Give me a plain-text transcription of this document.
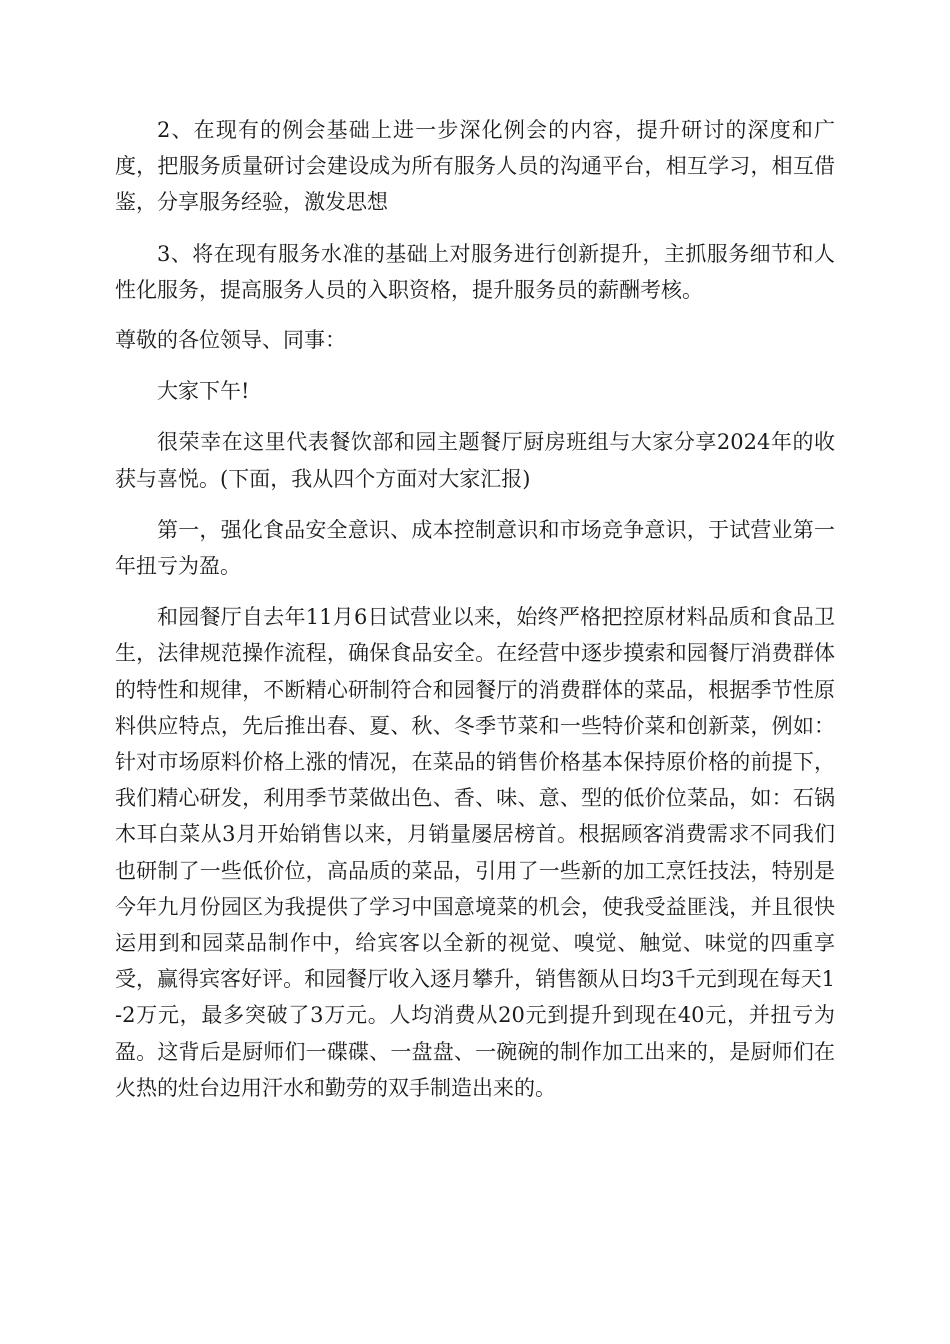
2、在现有的例会基础上进一步深化例会的内容，提升研讨的深度和广度，把服务质量研讨会建设成为所有服务人员的沟通平台，相互学习，相互借鉴，分享服务经验，激发思想

3、将在现有服务水准的基础上对服务进行创新提升，主抓服务细节和人性化服务，提高服务人员的入职资格，提升服务员的薪酬考核。

尊敬的各位领导、同事：

大家下午!

很荣幸在这里代表餐饮部和园主题餐厅厨房班组与大家分享2024年的收获与喜悦。(下面，我从四个方面对大家汇报)

第一，强化食品安全意识、成本控制意识和市场竞争意识，于试营业第一年扭亏为盈。

和园餐厅自去年11月6日试营业以来，始终严格把控原材料品质和食品卫生，法律规范操作流程，确保食品安全。在经营中逐步摸索和园餐厅消费群体的特性和规律，不断精心研制符合和园餐厅的消费群体的菜品，根据季节性原料供应特点，先后推出春、夏、秋、冬季节菜和一些特价菜和创新菜，例如：针对市场原料价格上涨的情况，在菜品的销售价格基本保持原价格的前提下，我们精心研发，利用季节菜做出色、香、味、意、型的低价位菜品，如：石锅木耳白菜从3月开始销售以来，月销量屡居榜首。根据顾客消费需求不同我们也研制了一些低价位，高品质的菜品，引用了一些新的加工烹饪技法，特别是今年九月份园区为我提供了学习中国意境菜的机会，使我受益匪浅，并且很快运用到和园菜品制作中，给宾客以全新的视觉、嗅觉、触觉、味觉的四重享受，赢得宾客好评。和园餐厅收入逐月攀升，销售额从日均3千元到现在每天1-2万元，最多突破了3万元。人均消费从20元到提升到现在40元，并扭亏为盈。这背后是厨师们一碟碟、一盘盘、一碗碗的制作加工出来的，是厨师们在火热的灶台边用汗水和勤劳的双手制造出来的。
